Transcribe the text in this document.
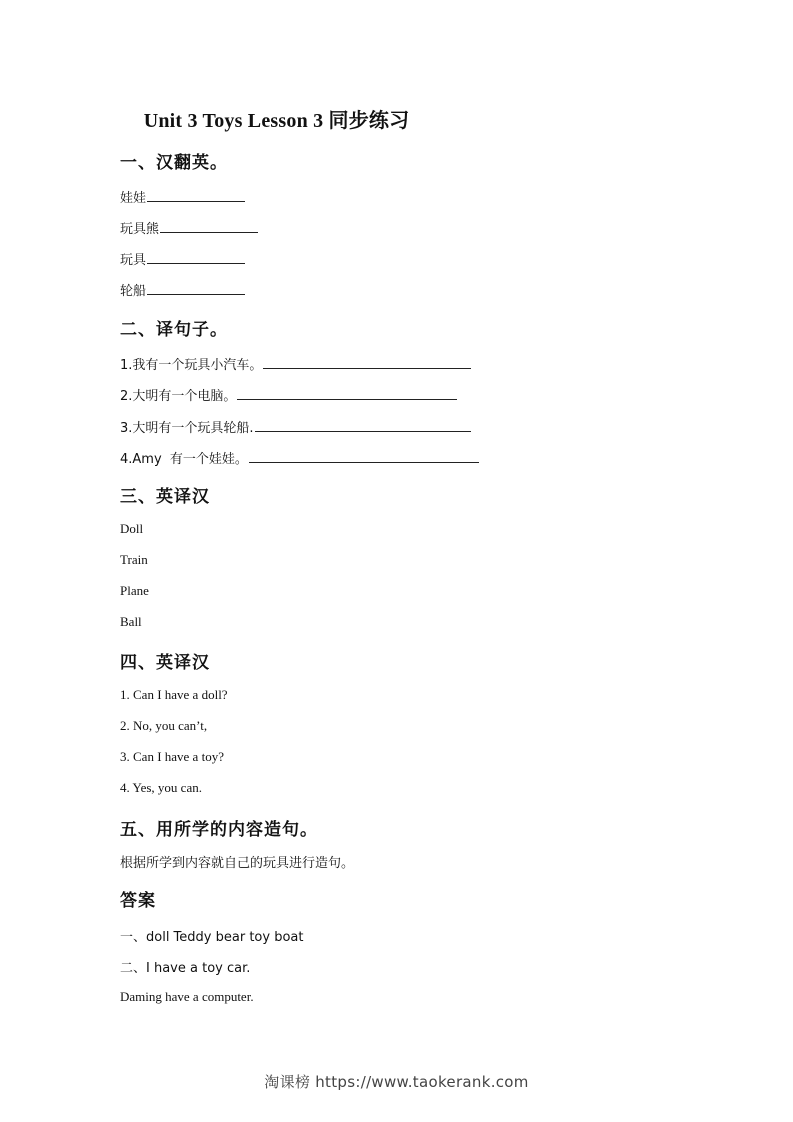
Unit 3 Toys Lesson 3 同步练习
一、汉翻英。
娃娃
玩具熊
玩具
轮船
二、译句子。
1.我有一个玩具小汽车。
2.大明有一个电脑。
3.大明有一个玩具轮船.
4.Amy  有一个娃娃。
三、英译汉
Doll
Train
Plane
Ball
四、英译汉
1. Can I have a doll?
2. No, you can’t,
3. Can I have a toy?
4. Yes, you can.
五、用所学的内容造句。
根据所学到内容就自己的玩具进行造句。
答案
一、doll Teddy bear toy boat
二、I have a toy car.
Daming have a computer.
淘课榜 https://www.taokerank.com
